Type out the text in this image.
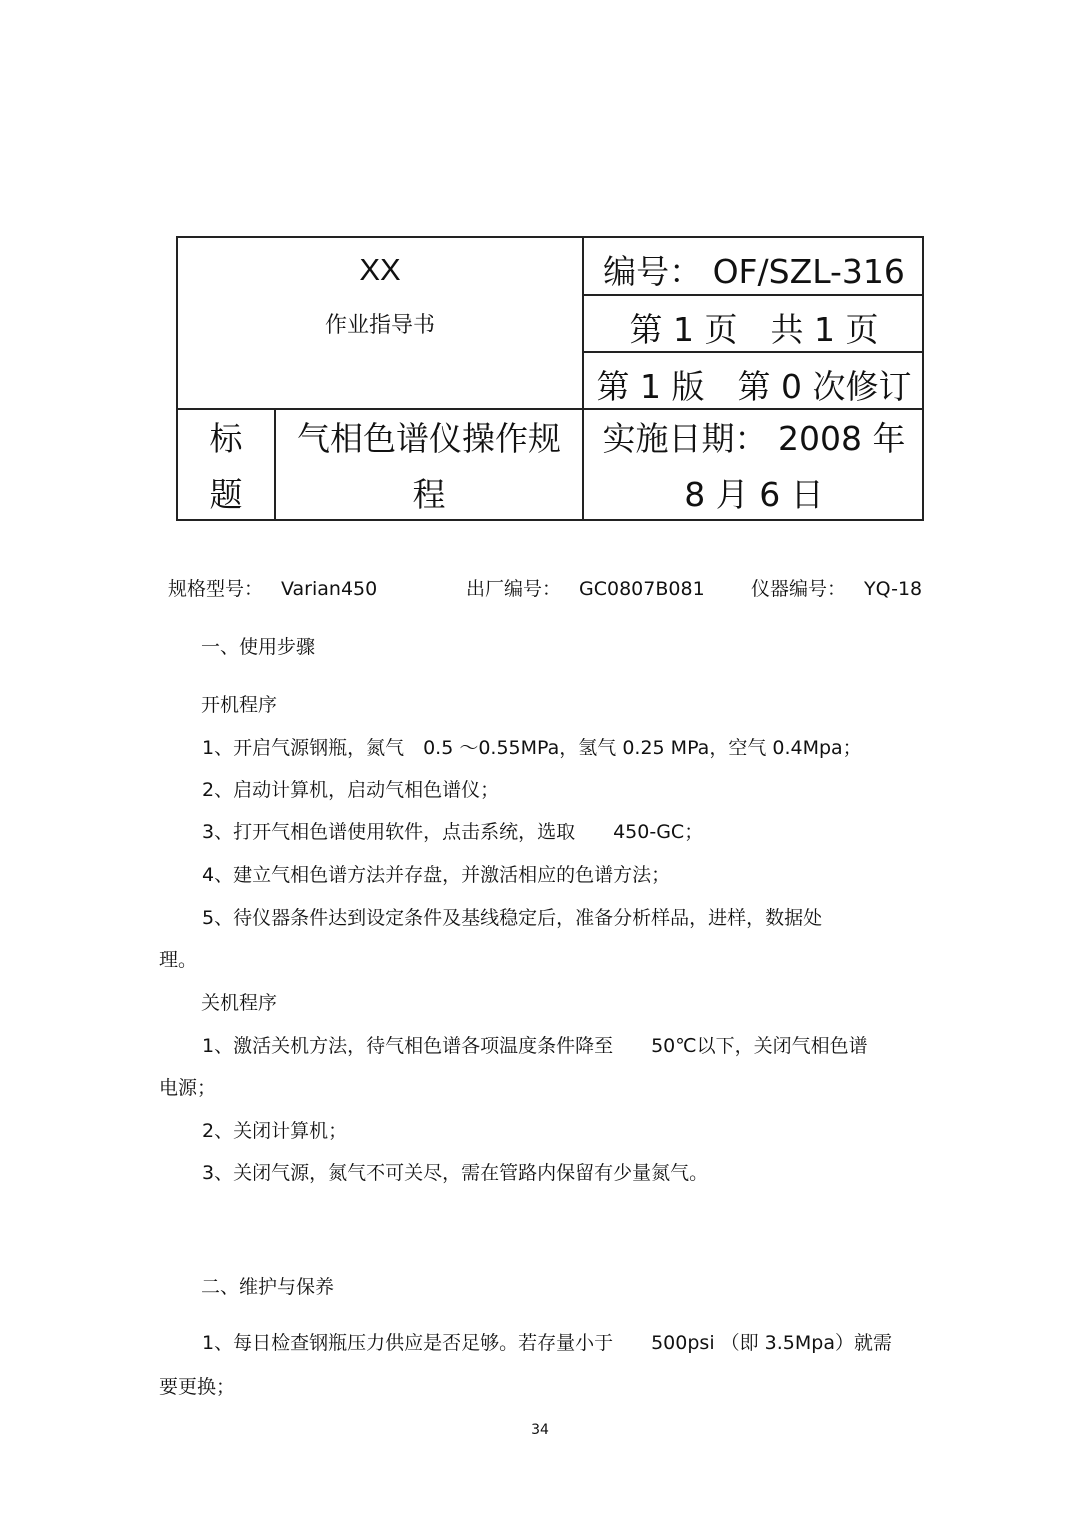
XX
作业指导书
编号： OF/SZL-316
第 1 页　共 1 页
第 1 版　第 0 次修订
标
题
气相色谱仪操作规程
实施日期： 2008 年 8 月 6 日
规格型号： Varian450	出厂编号： GC0807B081 仪器编号： YQ-18
一、使用步骤
开机程序
1、开启气源钢瓶，氮气　0.5 ～0.55MPa，氢气 0.25 MPa，空气 0.4Mpa；
2、启动计算机，启动气相色谱仪；
3、打开气相色谱使用软件，点击系统，选取　　450-GC；
4、建立气相色谱方法并存盘，并激活相应的色谱方法；
5、待仪器条件达到设定条件及基线稳定后，准备分析样品，进样，数据处
理。
关机程序
1、激活关机方法，待气相色谱各项温度条件降至　　50℃以下，关闭气相色谱
电源；
2、关闭计算机；
3、关闭气源，氮气不可关尽，需在管路内保留有少量氮气。
二、维护与保养
1、每日检查钢瓶压力供应是否足够。若存量小于　　500psi （即 3.5Mpa）就需
要更换；
34
